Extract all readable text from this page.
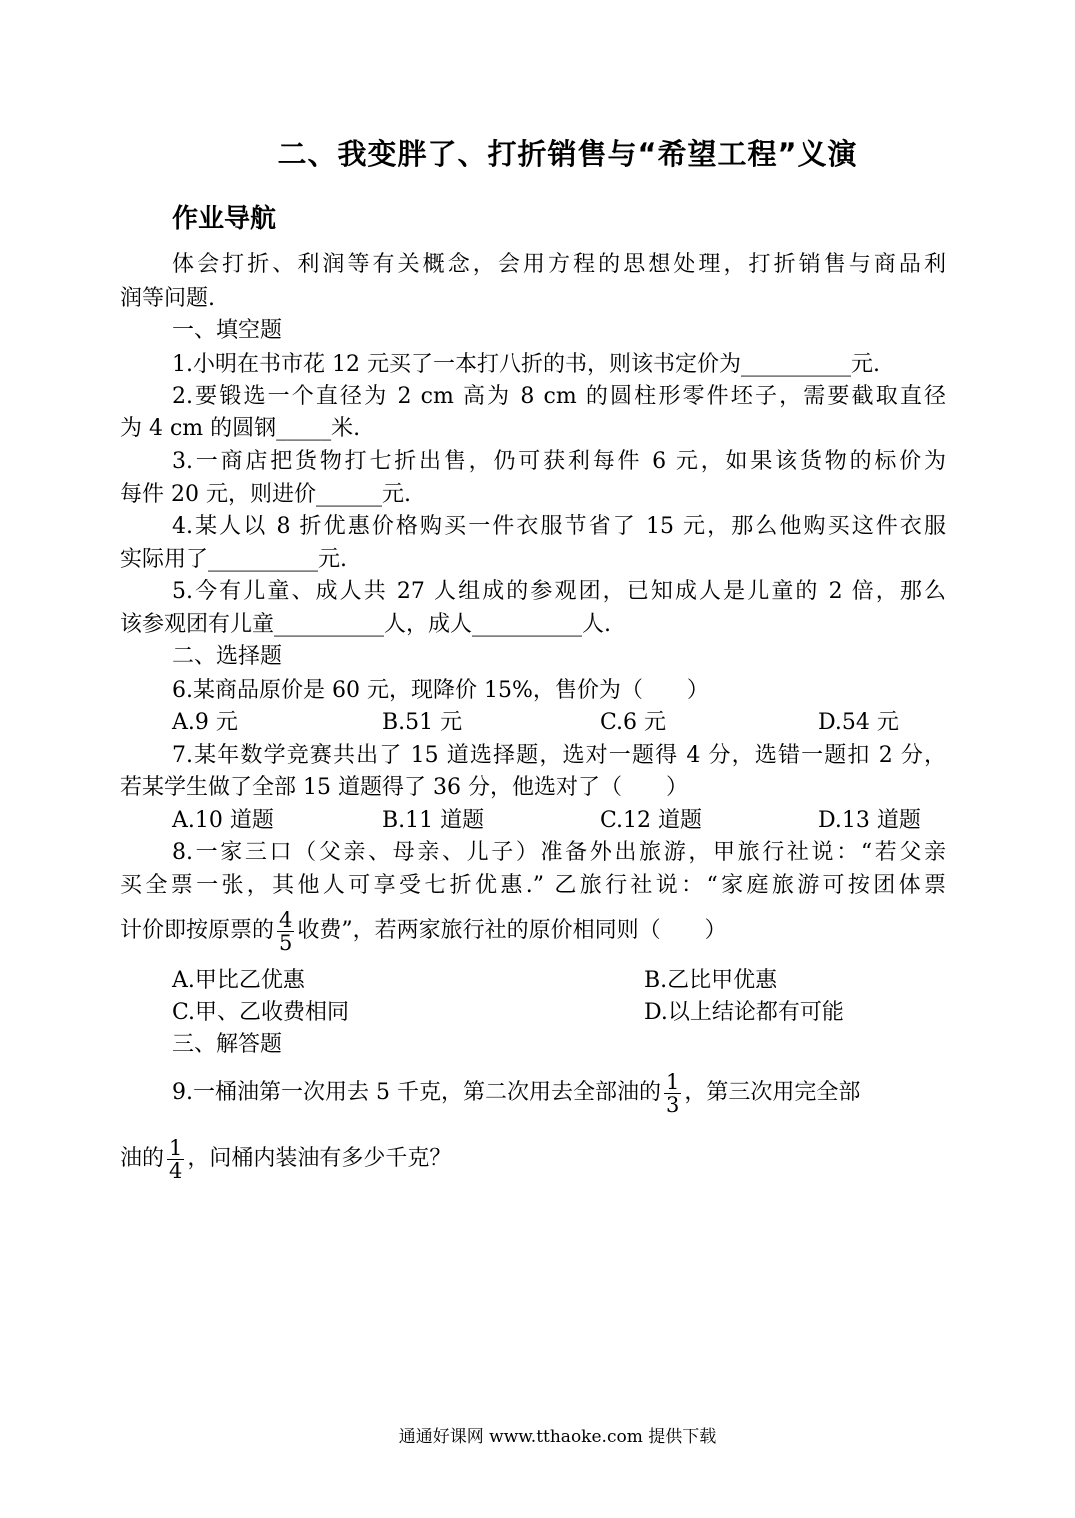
二、我变胖了、打折销售与“希望工程”义演
作业导航
体会打折、利润等有关概念，会用方程的思想处理，打折销售与商品利
润等问题.
一、填空题
1.小明在书市花 12 元买了一本打八折的书，则该书定价为__________元.
2.要锻选一个直径为 2 cm 高为 8 cm 的圆柱形零件坯子，需要截取直径
为 4 cm 的圆钢_____米.
3.一商店把货物打七折出售，仍可获利每件 6 元，如果该货物的标价为
每件 20 元，则进价______元.
4.某人以 8 折优惠价格购买一件衣服节省了 15 元，那么他购买这件衣服
实际用了__________元.
5.今有儿童、成人共 27 人组成的参观团，已知成人是儿童的 2 倍，那么
该参观团有儿童__________人，成人__________人.
二、选择题
6.某商品原价是 60 元，现降价 15%，售价为（　　）
A.9 元	B.51 元	C.6 元	D.54 元
7.某年数学竞赛共出了 15 道选择题，选对一题得 4 分，选错一题扣 2 分，
若某学生做了全部 15 道题得了 36 分，他选对了（　　）
A.10 道题	B.11 道题	C.12 道题	D.13 道题
8.一家三口（父亲、母亲、儿子）准备外出旅游，甲旅行社说：“若父亲
买全票一张，其他人可享受七折优惠.” 乙旅行社说：“家庭旅游可按团体票
计价即按原票的 $\frac{4}{5}$ 收费”，若两家旅行社的原价相同则（　　）
A.甲比乙优惠	B.乙比甲优惠
C.甲、乙收费相同	D.以上结论都有可能
三、解答题
9.一桶油第一次用去 5 千克，第二次用去全部油的 $\frac{1}{3}$ ，第三次用完全部
油的 $\frac{1}{4}$ ，问桶内装油有多少千克？
通通好课网 www.tthaoke.com 提供下载
